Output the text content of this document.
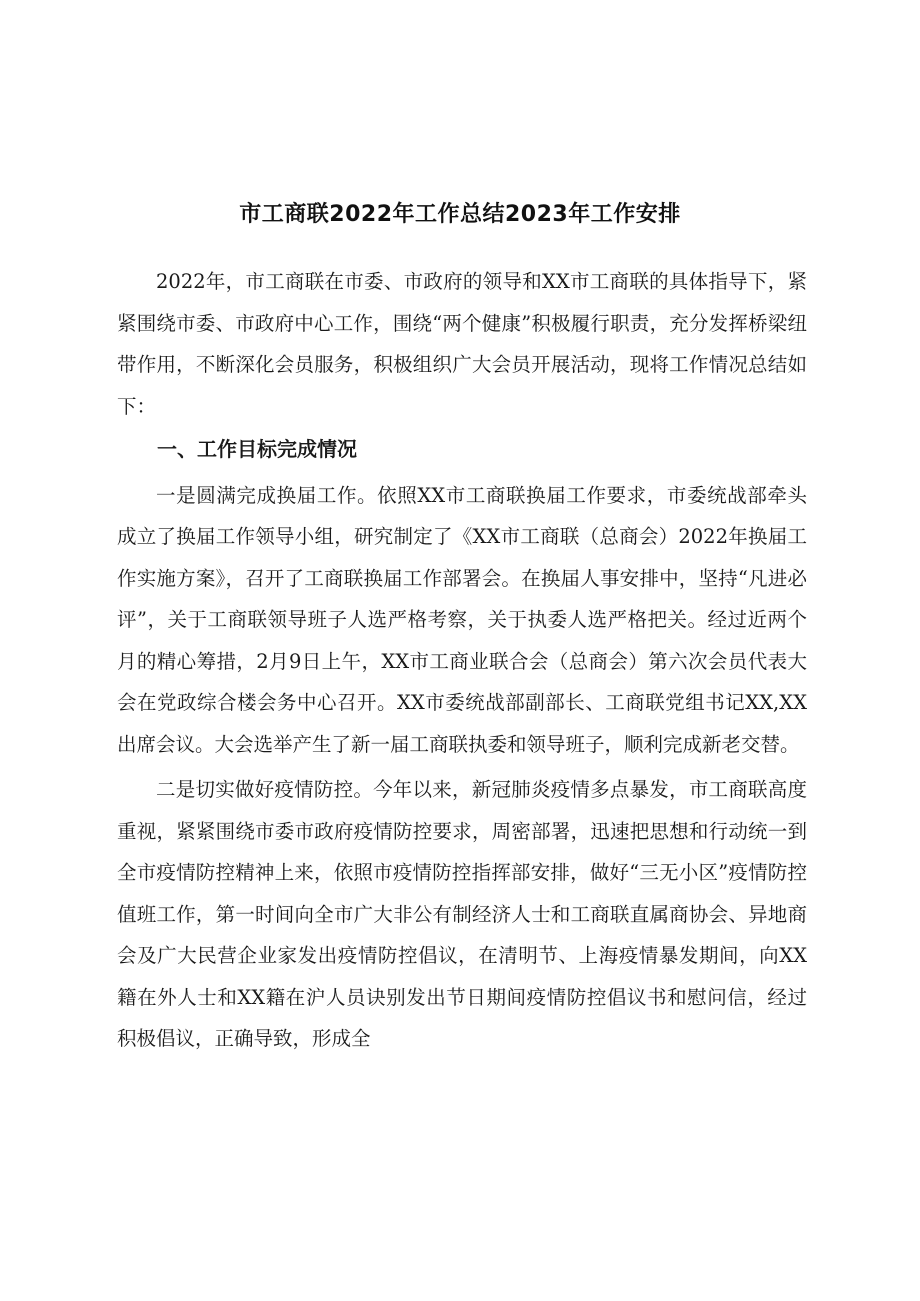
市工商联2022年工作总结2023年工作安排

2022年，市工商联在市委、市政府的领导和XX市工商联的具体指导下，紧紧围绕市委、市政府中心工作，围绕“两个健康”积极履行职责，充分发挥桥梁纽带作用，不断深化会员服务，积极组织广大会员开展活动，现将工作情况总结如下：

一、工作目标完成情况

一是圆满完成换届工作。依照XX市工商联换届工作要求，市委统战部牵头成立了换届工作领导小组，研究制定了《XX市工商联（总商会）2022年换届工作实施方案》，召开了工商联换届工作部署会。在换届人事安排中，坚持“凡进必评”，关于工商联领导班子人选严格考察，关于执委人选严格把关。经过近两个月的精心筹措，2月9日上午，XX市工商业联合会（总商会）第六次会员代表大会在党政综合楼会务中心召开。XX市委统战部副部长、工商联党组书记XX,XX出席会议。大会选举产生了新一届工商联执委和领导班子，顺利完成新老交替。

二是切实做好疫情防控。今年以来，新冠肺炎疫情多点暴发，市工商联高度重视，紧紧围绕市委市政府疫情防控要求，周密部署，迅速把思想和行动统一到全市疫情防控精神上来，依照市疫情防控指挥部安排，做好“三无小区”疫情防控值班工作，第一时间向全市广大非公有制经济人士和工商联直属商协会、异地商会及广大民营企业家发出疫情防控倡议，在清明节、上海疫情暴发期间，向XX籍在外人士和XX籍在沪人员诀别发出节日期间疫情防控倡议书和慰问信，经过积极倡议，正确导致，形成全
